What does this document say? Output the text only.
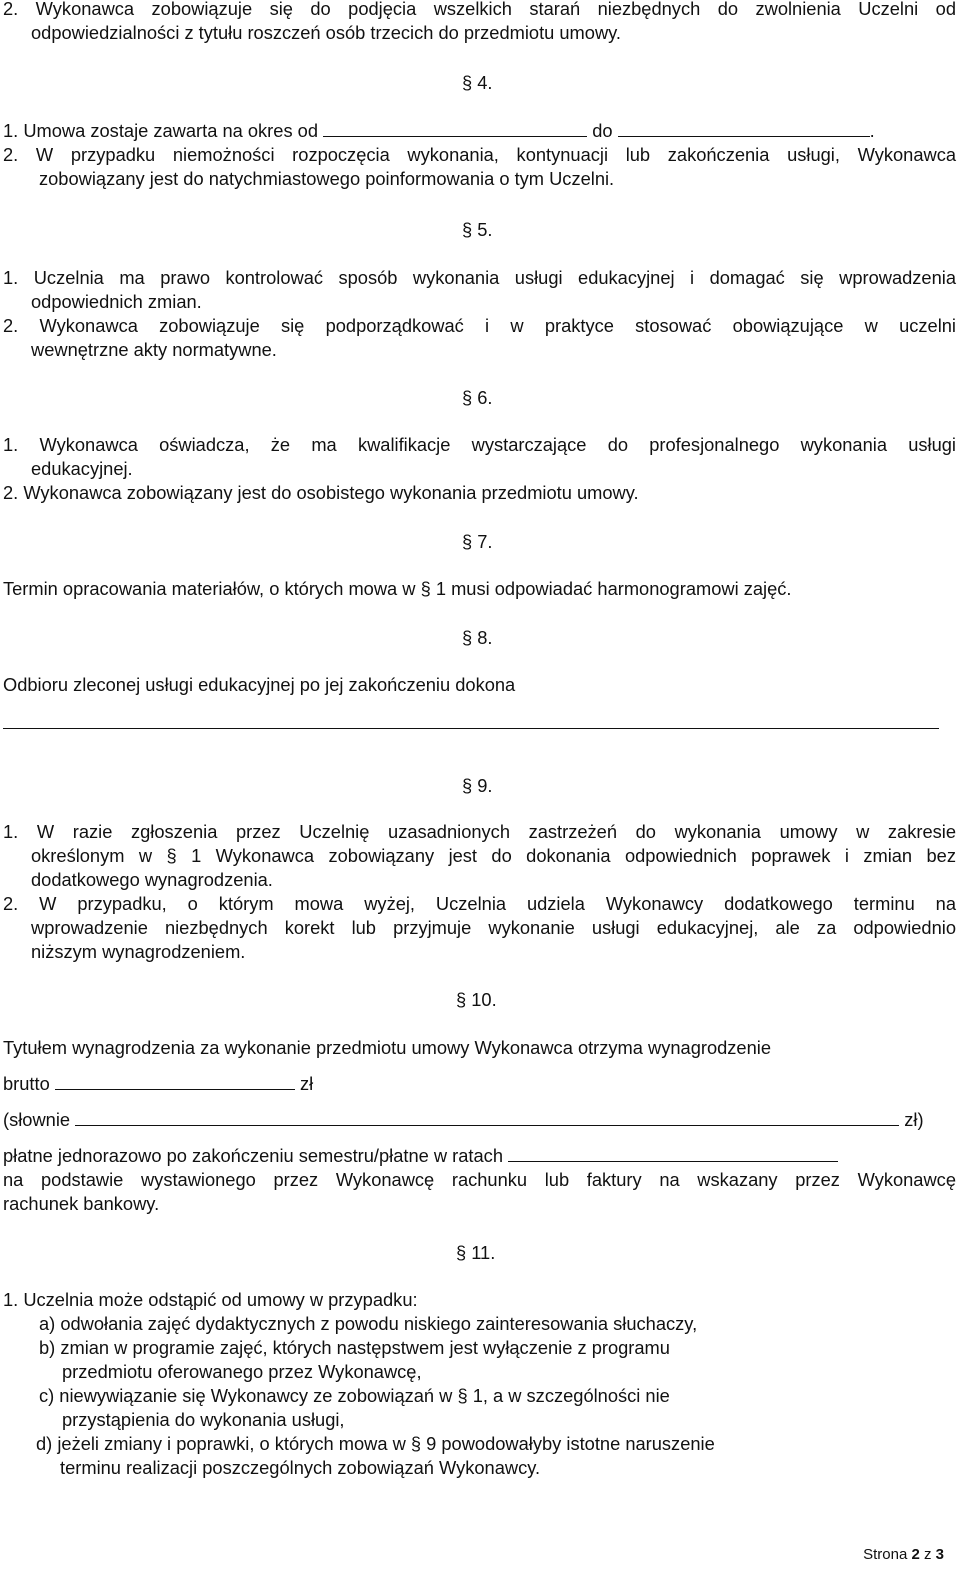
2. Wykonawca zobowiązuje się do podjęcia wszelkich starań niezbędnych do zwolnienia Uczelni od
odpowiedzialności z tytułu roszczeń osób trzecich do przedmiotu umowy.
§ 4.
1. Umowa zostaje zawarta na okres od	do	.
2. W przypadku niemożności rozpoczęcia wykonania, kontynuacji lub zakończenia usługi, Wykonawca
zobowiązany jest do natychmiastowego poinformowania o tym Uczelni.
§ 5.
1. Uczelnia ma prawo kontrolować sposób wykonania usługi edukacyjnej i domagać się wprowadzenia
odpowiednich zmian.
2. Wykonawca zobowiązuje się podporządkować i w praktyce stosować obowiązujące w uczelni
wewnętrzne akty normatywne.
§ 6.
1. Wykonawca oświadcza, że ma kwalifikacje wystarczające do profesjonalnego wykonania usługi
edukacyjnej.
2. Wykonawca zobowiązany jest do osobistego wykonania przedmiotu umowy.
§ 7.
Termin opracowania materiałów, o których mowa w § 1 musi odpowiadać harmonogramowi zajęć.
§ 8.
Odbioru zleconej usługi edukacyjnej po jej zakończeniu dokona
§ 9.
1. W razie zgłoszenia przez Uczelnię uzasadnionych zastrzeżeń do wykonania umowy w zakresie
określonym w § 1 Wykonawca zobowiązany jest do dokonania odpowiednich poprawek i zmian bez
dodatkowego wynagrodzenia.
2. W przypadku, o którym mowa wyżej, Uczelnia udziela Wykonawcy dodatkowego terminu na
wprowadzenie niezbędnych korekt lub przyjmuje wykonanie usługi edukacyjnej, ale za odpowiednio
niższym wynagrodzeniem.
§ 10.
Tytułem wynagrodzenia za wykonanie przedmiotu umowy Wykonawca otrzyma wynagrodzenie
brutto	zł
(słownie	zł)
płatne jednorazowo po zakończeniu semestru/płatne w ratach
na podstawie wystawionego przez Wykonawcę rachunku lub faktury na wskazany przez Wykonawcę
rachunek bankowy.
§ 11.
1. Uczelnia może odstąpić od umowy w przypadku:
a) odwołania zajęć dydaktycznych z powodu niskiego zainteresowania słuchaczy,
b) zmian w programie zajęć, których następstwem jest wyłączenie z programu
przedmiotu oferowanego przez Wykonawcę,
c) niewywiązanie się Wykonawcy ze zobowiązań w § 1, a w szczególności nie
przystąpienia do wykonania usługi,
d) jeżeli zmiany i poprawki, o których mowa w § 9 powodowałyby istotne naruszenie
terminu realizacji poszczególnych zobowiązań Wykonawcy.
Strona 2 z 3
